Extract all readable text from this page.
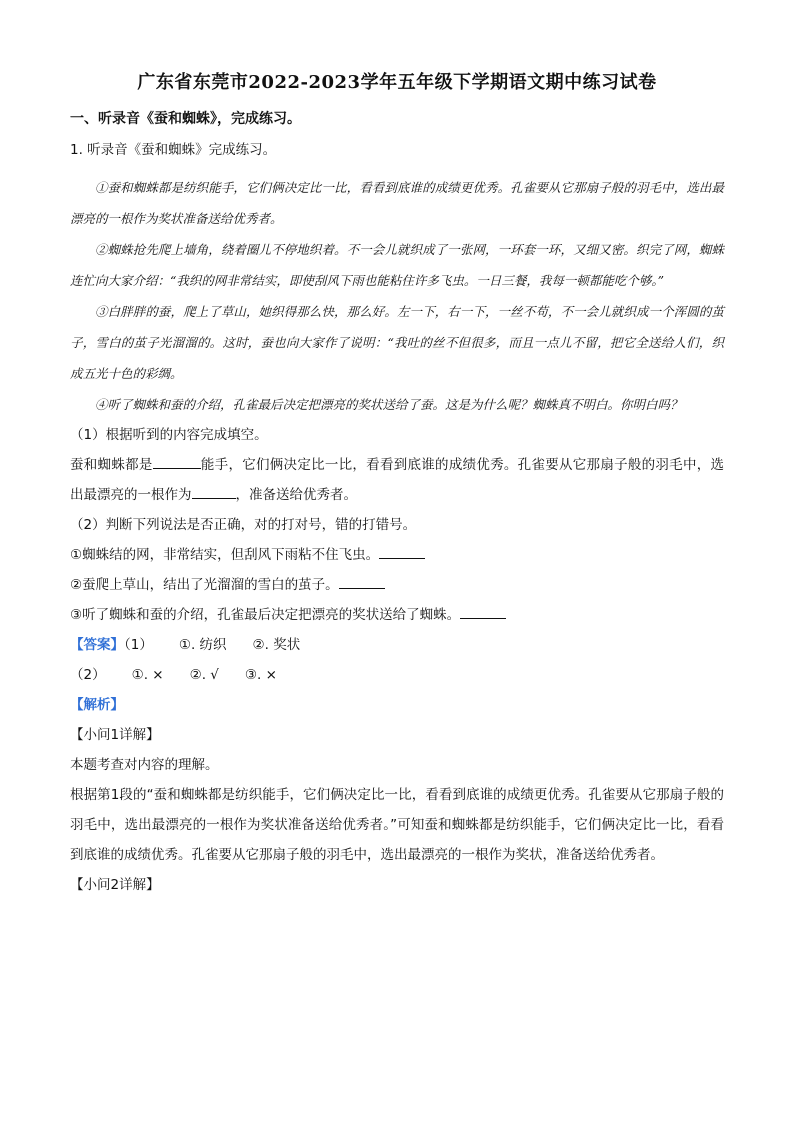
广东省东莞市2022-2023学年五年级下学期语文期中练习试卷
一、听录音《蚕和蜘蛛》，完成练习。
1. 听录音《蚕和蜘蛛》完成练习。

①蚕和蜘蛛都是纺织能手，它们俩决定比一比，看看到底谁的成绩更优秀。孔雀要从它那扇子般的羽毛中，选出最漂亮的一根作为奖状准备送给优秀者。

②蜘蛛抢先爬上墙角，绕着圈儿不停地织着。不一会儿就织成了一张网，一环套一环，又细又密。织完了网，蜘蛛连忙向大家介绍：“我织的网非常结实，即使刮风下雨也能粘住许多飞虫。一日三餐，我每一顿都能吃个够。”

③白胖胖的蚕，爬上了草山，她织得那么快，那么好。左一下，右一下，一丝不苟，不一会儿就织成一个浑圆的茧子，雪白的茧子光溜溜的。这时，蚕也向大家作了说明：“我吐的丝不但很多，而且一点儿不留，把它全送给人们，织成五光十色的彩绸。

④听了蜘蛛和蚕的介绍，孔雀最后决定把漂亮的奖状送给了蚕。这是为什么呢？蜘蛛真不明白。你明白吗？

（1）根据听到的内容完成填空。

蚕和蜘蛛都是	能手，它们俩决定比一比，看看到底谁的成绩优秀。孔雀要从它那扇子般的羽毛中，选出最漂亮的一根作为	，准备送给优秀者。

（2）判断下列说法是否正确，对的打对号，错的打错号。

①蜘蛛结的网，非常结实，但刮风下雨粘不住飞虫。

②蚕爬上草山，结出了光溜溜的雪白的茧子。

③听了蜘蛛和蚕的介绍，孔雀最后决定把漂亮的奖状送给了蜘蛛。

【答案】（1） ①. 纺织 ②. 奖状

（2） ①. × ②. √ ③. ×

【解析】

【小问1详解】

本题考查对内容的理解。

根据第1段的“蚕和蜘蛛都是纺织能手，它们俩决定比一比，看看到底谁的成绩更优秀。孔雀要从它那扇子般的羽毛中，选出最漂亮的一根作为奖状准备送给优秀者。”可知蚕和蜘蛛都是纺织能手，它们俩决定比一比，看看到底谁的成绩优秀。孔雀要从它那扇子般的羽毛中，选出最漂亮的一根作为奖状，准备送给优秀者。

【小问2详解】
